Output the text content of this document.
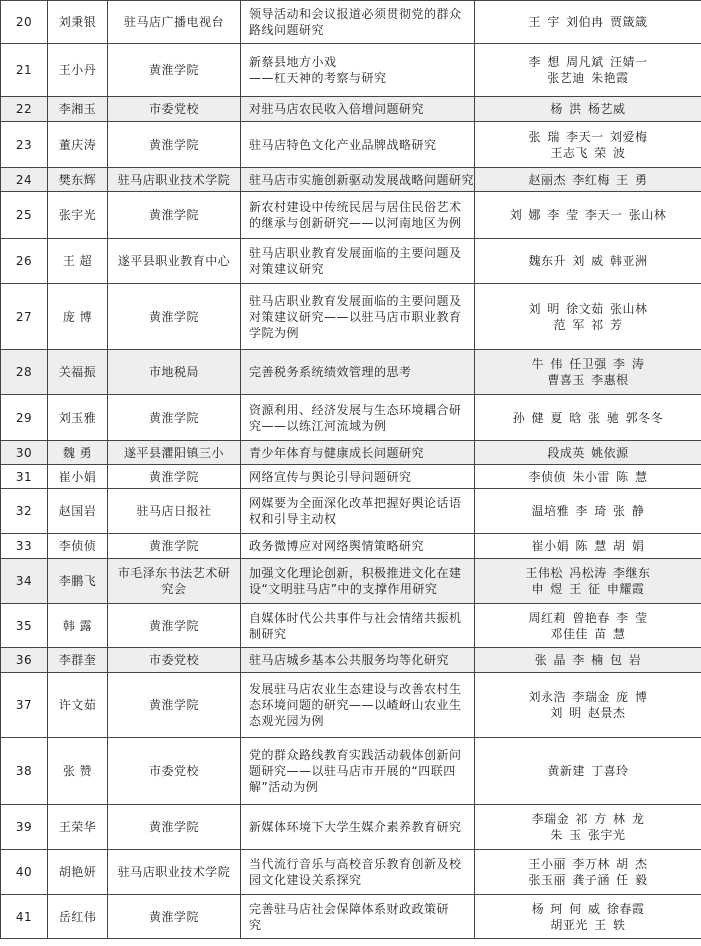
20	刘秉银	驻马店广播电视台	领导活动和会议报道必须贯彻党的群众
路线问题研究	王 宇 刘伯冉 贾箴箴

21	王小丹	黄淮学院	新蔡县地方小戏
——杠天神的考察与研究	李 想 周凡斌 汪婧一
张艺迪 朱艳霞

22	李湘玉	市委党校	对驻马店农民收入倍增问题研究	杨 洪 杨艺威

23	董庆涛	黄淮学院	驻马店特色文化产业品牌战略研究	张 瑞 李天一 刘爱梅
王志飞 荣 波

24	樊东辉	驻马店职业技术学院	驻马店市实施创新驱动发展战略问题研究	赵丽杰 李红梅 王 勇

25	张宇光	黄淮学院	新农村建设中传统民居与居住民俗艺术
的继承与创新研究——以河南地区为例	刘 娜 李 莹 李天一 张山林

26	王 超	遂平县职业教育中心	驻马店职业教育发展面临的主要问题及
对策建议研究	魏东升 刘 威 韩亚洲

27	庞 博	黄淮学院	驻马店职业教育发展面临的主要问题及
对策建议研究——以驻马店市职业教育
学院为例	刘 明 徐文茹 张山林
范 军 祁 芳

28	关福振	市地税局	完善税务系统绩效管理的思考	牛 伟 任卫强 李 涛
曹喜玉 李惠根

29	刘玉雅	黄淮学院	资源利用、经济发展与生态环境耦合研
究——以练江河流域为例	孙 健 夏 晗 张 驰 郭冬冬

30	魏 勇	遂平县灈阳镇三小	青少年体育与健康成长问题研究	段成英 姚依源

31	崔小娟	黄淮学院	网络宣传与舆论引导问题研究	李侦侦 朱小雷 陈 慧

32	赵国岩	驻马店日报社	网媒要为全面深化改革把握好舆论话语
权和引导主动权	温培雅 李 琦 张 静

33	李侦侦	黄淮学院	政务微博应对网络舆情策略研究	崔小娟 陈 慧 胡 娟

34	李鹏飞	市毛泽东书法艺术研
究会	加强文化理论创新，积极推进文化在建
设“文明驻马店”中的支撑作用研究	王伟松 冯松涛 李继东
申 煜 王 征 申耀霞

35	韩 露	黄淮学院	自媒体时代公共事件与社会情绪共振机
制研究	周红莉 曾艳春 李 莹
邓佳佳 苗 慧

36	李群奎	市委党校	驻马店城乡基本公共服务均等化研究	张 晶 李 楠 包 岩

37	许文茹	黄淮学院	发展驻马店农业生态建设与改善农村生
态环境问题的研究——以嵖岈山农业生
态观光园为例	刘永浩 李瑞金 庞 博
刘 明 赵景杰

38	张 赞	市委党校	党的群众路线教育实践活动载体创新问
题研究——以驻马店市开展的“四联四
解”活动为例	黄新建 丁喜玲

39	王荣华	黄淮学院	新媒体环境下大学生媒介素养教育研究	李瑞金 祁 方 林 龙
朱 玉 张宇光

40	胡艳妍	驻马店职业技术学院	当代流行音乐与高校音乐教育创新及校
园文化建设关系探究	王小丽 李万林 胡 杰
张玉丽 龚子涵 任 毅

41	岳红伟	黄淮学院	完善驻马店社会保障体系财政政策研
究	杨 珂 何 威 徐春霞
胡亚光 王 轶
